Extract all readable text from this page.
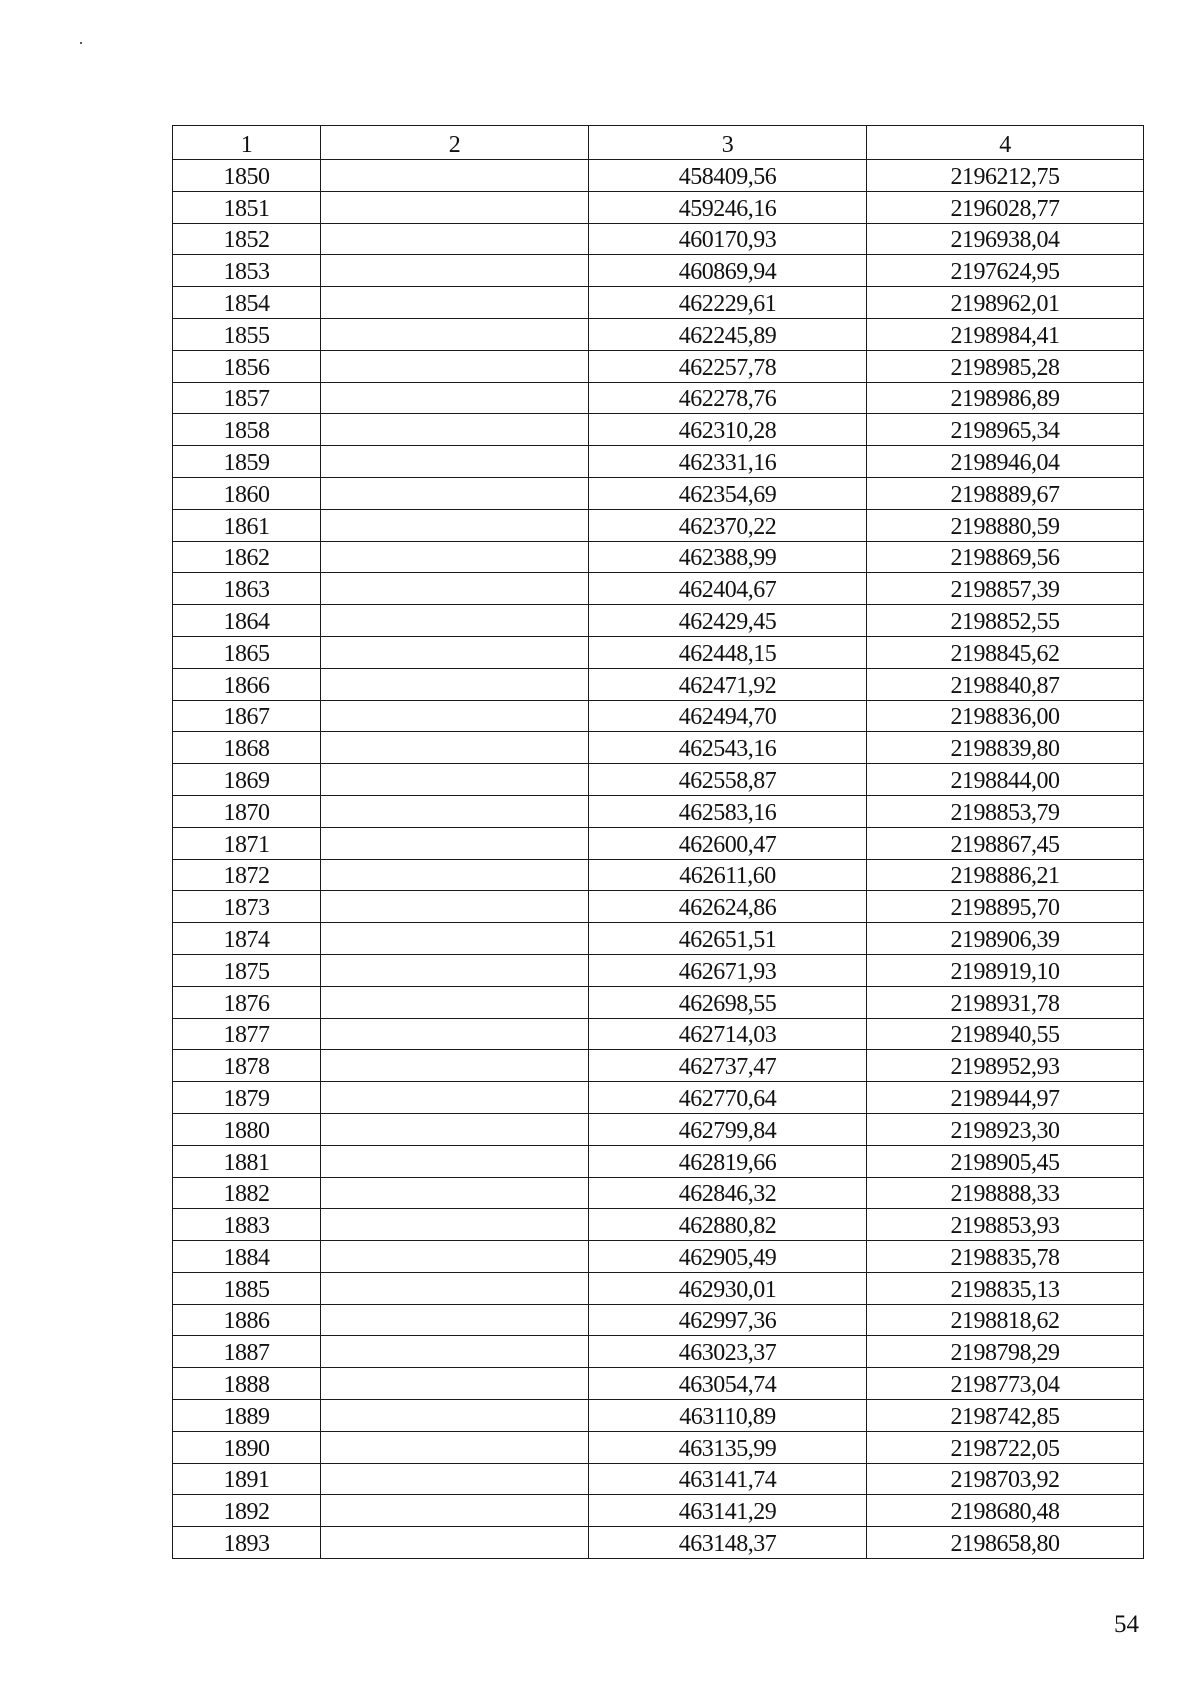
1	2	3	4
1850		458409,56	2196212,75
1851		459246,16	2196028,77
1852		460170,93	2196938,04
1853		460869,94	2197624,95
1854		462229,61	2198962,01
1855		462245,89	2198984,41
1856		462257,78	2198985,28
1857		462278,76	2198986,89
1858		462310,28	2198965,34
1859		462331,16	2198946,04
1860		462354,69	2198889,67
1861		462370,22	2198880,59
1862		462388,99	2198869,56
1863		462404,67	2198857,39
1864		462429,45	2198852,55
1865		462448,15	2198845,62
1866		462471,92	2198840,87
1867		462494,70	2198836,00
1868		462543,16	2198839,80
1869		462558,87	2198844,00
1870		462583,16	2198853,79
1871		462600,47	2198867,45
1872		462611,60	2198886,21
1873		462624,86	2198895,70
1874		462651,51	2198906,39
1875		462671,93	2198919,10
1876		462698,55	2198931,78
1877		462714,03	2198940,55
1878		462737,47	2198952,93
1879		462770,64	2198944,97
1880		462799,84	2198923,30
1881		462819,66	2198905,45
1882		462846,32	2198888,33
1883		462880,82	2198853,93
1884		462905,49	2198835,78
1885		462930,01	2198835,13
1886		462997,36	2198818,62
1887		463023,37	2198798,29
1888		463054,74	2198773,04
1889		463110,89	2198742,85
1890		463135,99	2198722,05
1891		463141,74	2198703,92
1892		463141,29	2198680,48
1893		463148,37	2198658,80
54
